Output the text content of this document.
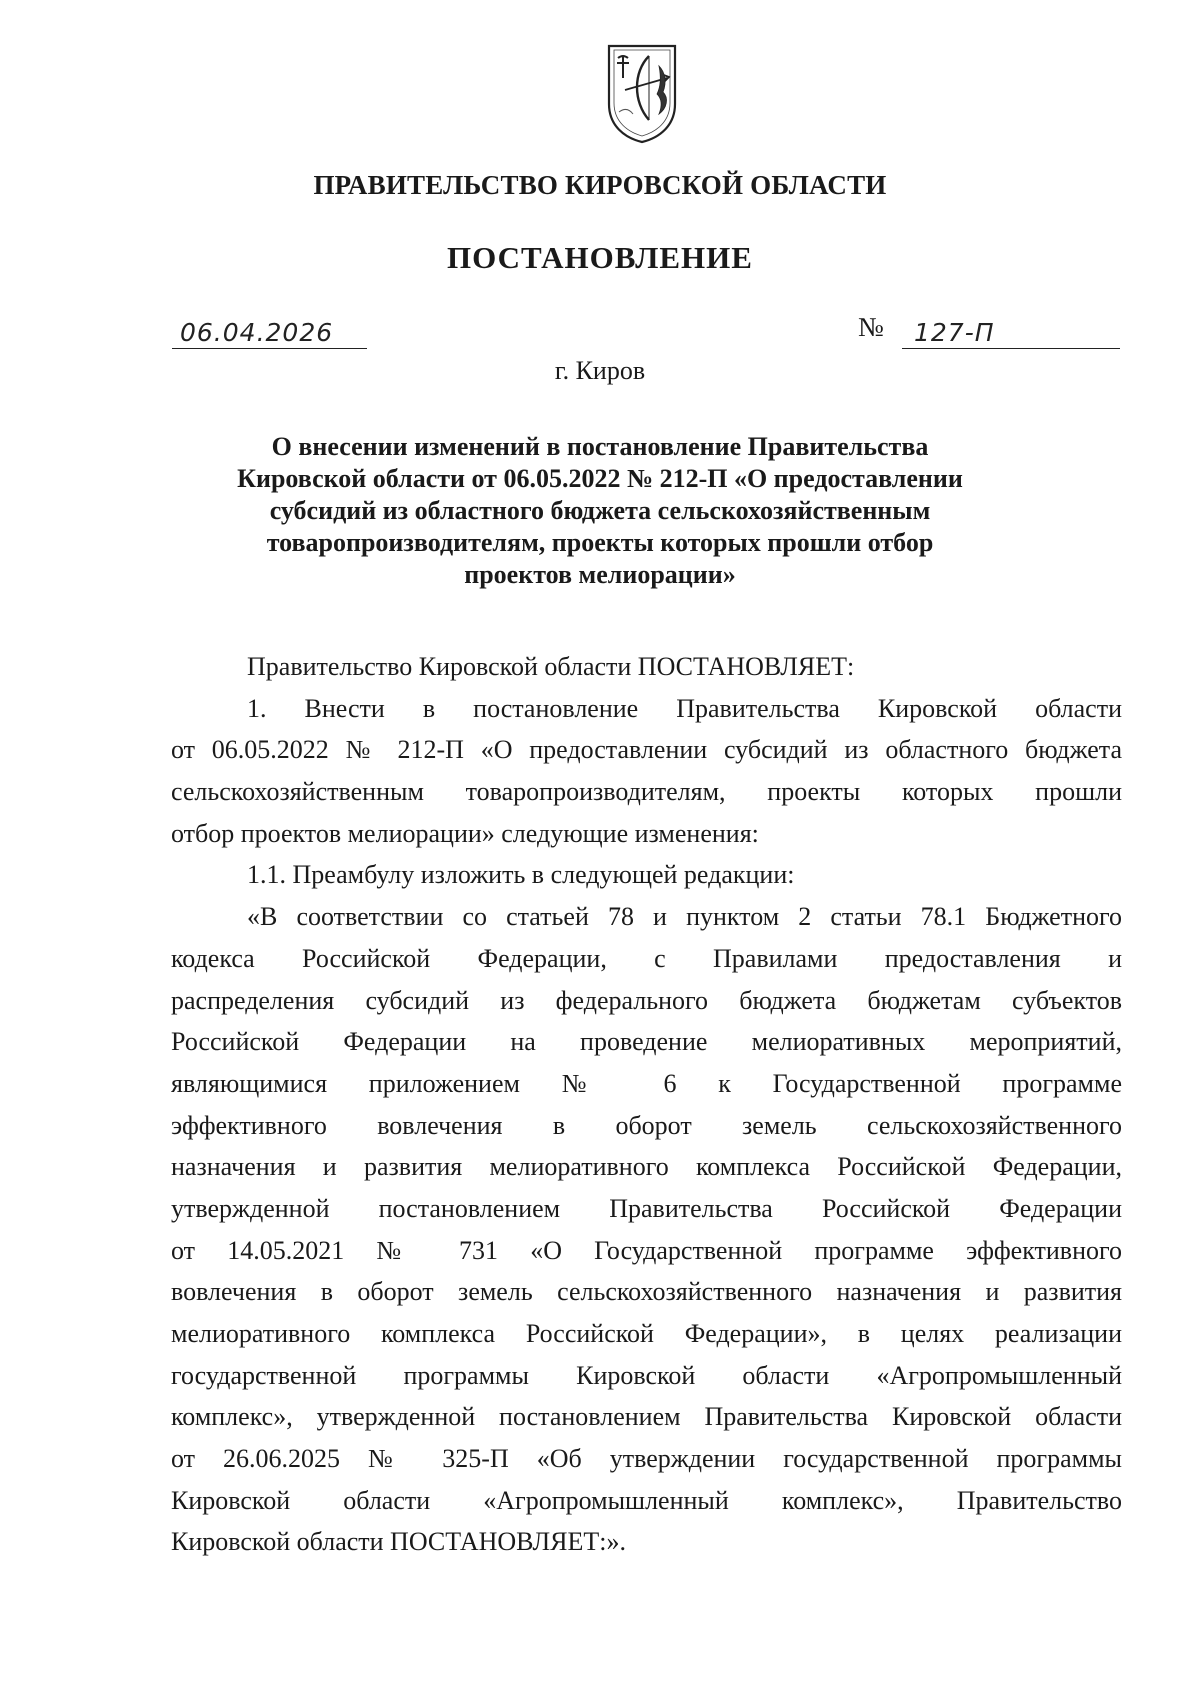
ПРАВИТЕЛЬСТВО КИРОВСКОЙ ОБЛАСТИ
ПОСТАНОВЛЕНИЕ
06.04.2026	№ 127-П
г. Киров
О внесении изменений в постановление Правительства
Кировской области от 06.05.2022 № 212-П «О предоставлении
субсидий из областного бюджета сельскохозяйственным
товаропроизводителям, проекты которых прошли отбор
проектов мелиорации»
Правительство Кировской области ПОСТАНОВЛЯЕТ:
1. Внести в постановление Правительства Кировской области
от 06.05.2022 № 212-П «О предоставлении субсидий из областного бюджета
сельскохозяйственным товаропроизводителям, проекты которых прошли
отбор проектов мелиорации» следующие изменения:
1.1. Преамбулу изложить в следующей редакции:
«В соответствии со статьей 78 и пунктом 2 статьи 78.1 Бюджетного
кодекса Российской Федерации, с Правилами предоставления и
распределения субсидий из федерального бюджета бюджетам субъектов
Российской Федерации на проведение мелиоративных мероприятий,
являющимися приложением № 6 к Государственной программе
эффективного вовлечения в оборот земель сельскохозяйственного
назначения и развития мелиоративного комплекса Российской Федерации,
утвержденной постановлением Правительства Российской Федерации
от 14.05.2021 № 731 «О Государственной программе эффективного
вовлечения в оборот земель сельскохозяйственного назначения и развития
мелиоративного комплекса Российской Федерации», в целях реализации
государственной программы Кировской области «Агропромышленный
комплекс», утвержденной постановлением Правительства Кировской области
от 26.06.2025 № 325-П «Об утверждении государственной программы
Кировской области «Агропромышленный комплекс», Правительство
Кировской области ПОСТАНОВЛЯЕТ:».
